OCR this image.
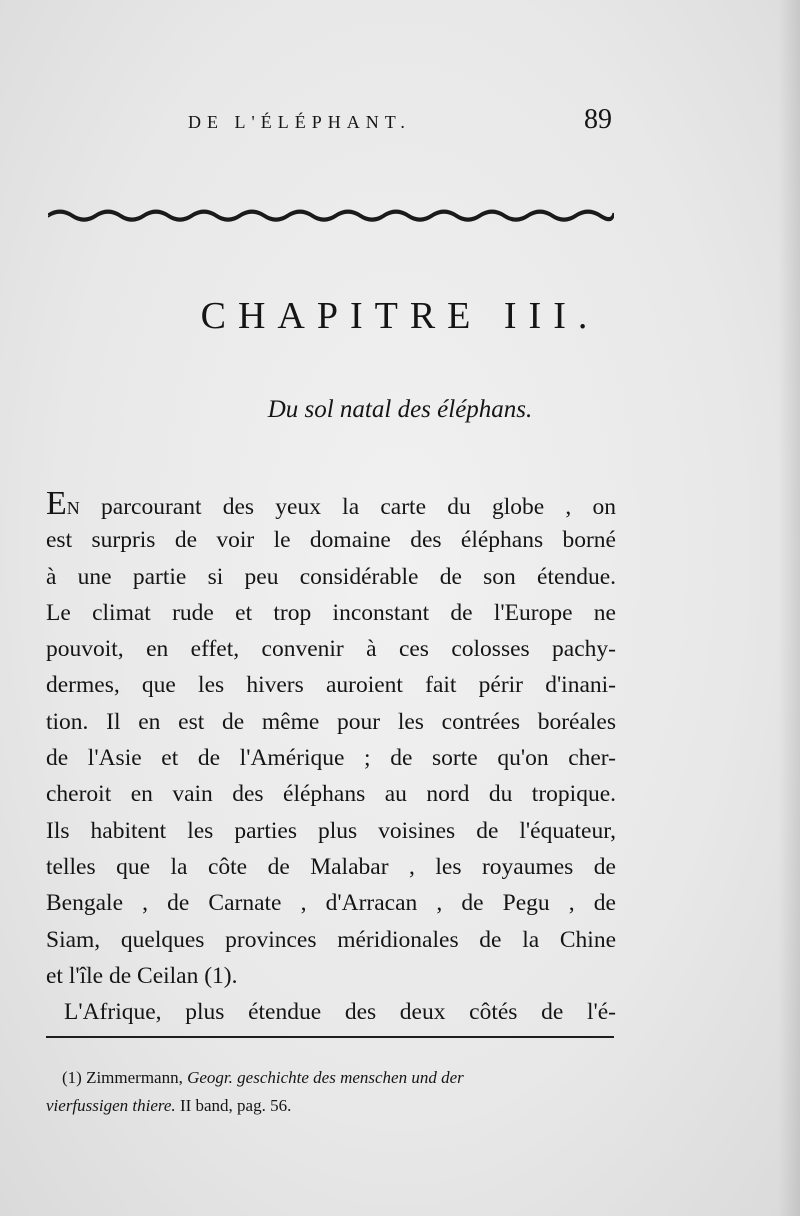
DE L'ÉLÉPHANT.	89
CHAPITRE III.
Du sol natal des éléphans.
EN parcourant des yeux la carte du globe , on
est surpris de voir le domaine des éléphans borné
à une partie si peu considérable de son étendue.
Le climat rude et trop inconstant de l'Europe ne
pouvoit, en effet, convenir à ces colosses pachy-
dermes, que les hivers auroient fait périr d'inani-
tion. Il en est de même pour les contrées boréales
de l'Asie et de l'Amérique ; de sorte qu'on cher-
cheroit en vain des éléphans au nord du tropique.
Ils habitent les parties plus voisines de l'équateur,
telles que la côte de Malabar , les royaumes de
Bengale , de Carnate , d'Arracan , de Pegu , de
Siam, quelques provinces méridionales de la Chine
et l'île de Ceilan (1).
L'Afrique, plus étendue des deux côtés de l'é-
(1) Zimmermann, Geogr. geschichte des menschen und der
vierfussigen thiere. II band, pag. 56.
